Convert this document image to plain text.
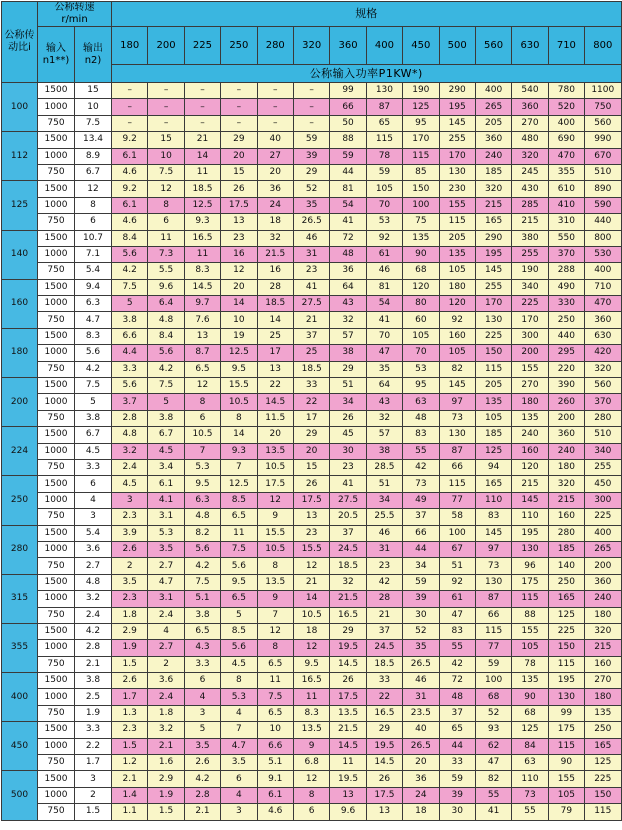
公称传动比i	公称转速r/min		规格													
	输入n1**)	输出n2)	180	200	225	250	280	320	360	400	450	500	560	630	710	800
			公称输入功率P1KW*)													
100	1500	15	–	–	–	–	–	–	99	130	190	290	400	540	780	1100
	1000	10	–	–	–	–	–	–	66	87	125	195	265	360	520	750
	750	7.5	–	–	–	–	–	–	50	65	95	145	205	270	400	560
112	1500	13.4	9.2	15	21	29	40	59	88	115	170	255	360	480	690	990
	1000	8.9	6.1	10	14	20	27	39	59	78	115	170	240	320	470	670
	750	6.7	4.6	7.5	11	15	20	29	44	59	85	130	185	245	355	510
125	1500	12	9.2	12	18.5	26	36	52	81	105	150	230	320	430	610	890
	1000	8	6.1	8	12.5	17.5	24	35	54	70	100	155	215	285	410	590
	750	6	4.6	6	9.3	13	18	26.5	41	53	75	115	165	215	310	440
140	1500	10.7	8.4	11	16.5	23	32	46	72	92	135	205	290	380	550	800
	1000	7.1	5.6	7.3	11	16	21.5	31	48	61	90	135	195	255	370	530
	750	5.4	4.2	5.5	8.3	12	16	23	36	46	68	105	145	190	288	400
160	1500	9.4	7.5	9.6	14.5	20	28	41	64	81	120	180	255	340	490	710
	1000	6.3	5	6.4	9.7	14	18.5	27.5	43	54	80	120	170	225	330	470
	750	4.7	3.8	4.8	7.6	10	14	21	32	41	60	92	130	170	250	360
180	1500	8.3	6.6	8.4	13	19	25	37	57	70	105	160	225	300	440	630
	1000	5.6	4.4	5.6	8.7	12.5	17	25	38	47	70	105	150	200	295	420
	750	4.2	3.3	4.2	6.5	9.5	13	18.5	29	35	53	82	115	155	220	320
200	1500	7.5	5.6	7.5	12	15.5	22	33	51	64	95	145	205	270	390	560
	1000	5	3.7	5	8	10.5	14.5	22	34	43	63	97	135	180	260	370
	750	3.8	2.8	3.8	6	8	11.5	17	26	32	48	73	105	135	200	280
224	1500	6.7	4.8	6.7	10.5	14	20	29	45	57	83	130	185	240	360	510
	1000	4.5	3.2	4.5	7	9.3	13.5	20	30	38	55	87	125	160	240	340
	750	3.3	2.4	3.4	5.3	7	10.5	15	23	28.5	42	66	94	120	180	255
250	1500	6	4.5	6.1	9.5	12.5	17.5	26	41	51	73	115	165	215	320	450
	1000	4	3	4.1	6.3	8.5	12	17.5	27.5	34	49	77	110	145	215	300
	750	3	2.3	3.1	4.8	6.5	9	13	20.5	25.5	37	58	83	110	160	225
280	1500	5.4	3.9	5.3	8.2	11	15.5	23	37	46	66	100	145	195	280	400
	1000	3.6	2.6	3.5	5.6	7.5	10.5	15.5	24.5	31	44	67	97	130	185	265
	750	2.7	2	2.7	4.2	5.6	8	12	18.5	23	34	51	73	96	140	200
315	1500	4.8	3.5	4.7	7.5	9.5	13.5	21	32	42	59	92	130	175	250	360
	1000	3.2	2.3	3.1	5.1	6.5	9	14	21.5	28	39	61	87	115	165	240
	750	2.4	1.8	2.4	3.8	5	7	10.5	16.5	21	30	47	66	88	125	180
355	1500	4.2	2.9	4	6.5	8.5	12	18	29	37	52	83	115	155	225	320
	1000	2.8	1.9	2.7	4.3	5.6	8	12	19.5	24.5	35	55	77	105	150	215
	750	2.1	1.5	2	3.3	4.5	6.5	9.5	14.5	18.5	26.5	42	59	78	115	160
400	1500	3.8	2.6	3.6	6	8	11	16.5	26	33	46	72	100	135	195	270
	1000	2.5	1.7	2.4	4	5.3	7.5	11	17.5	22	31	48	68	90	130	180
	750	1.9	1.3	1.8	3	4	6.5	8.3	13.5	16.5	23.5	37	52	68	99	135
450	1500	3.3	2.3	3.2	5	7	10	13.5	21.5	29	40	65	93	125	175	250
	1000	2.2	1.5	2.1	3.5	4.7	6.6	9	14.5	19.5	26.5	44	62	84	115	165
	750	1.7	1.2	1.6	2.6	3.5	5.1	6.8	11	14.5	20	33	47	63	90	125
500	1500	3	2.1	2.9	4.2	6	9.1	12	19.5	26	36	59	82	110	155	225
	1000	2	1.4	1.9	2.8	4	6.1	8	13	17.5	24	39	55	73	105	150
	750	1.5	1.1	1.5	2.1	3	4.6	6	9.6	13	18	30	41	55	79	115
